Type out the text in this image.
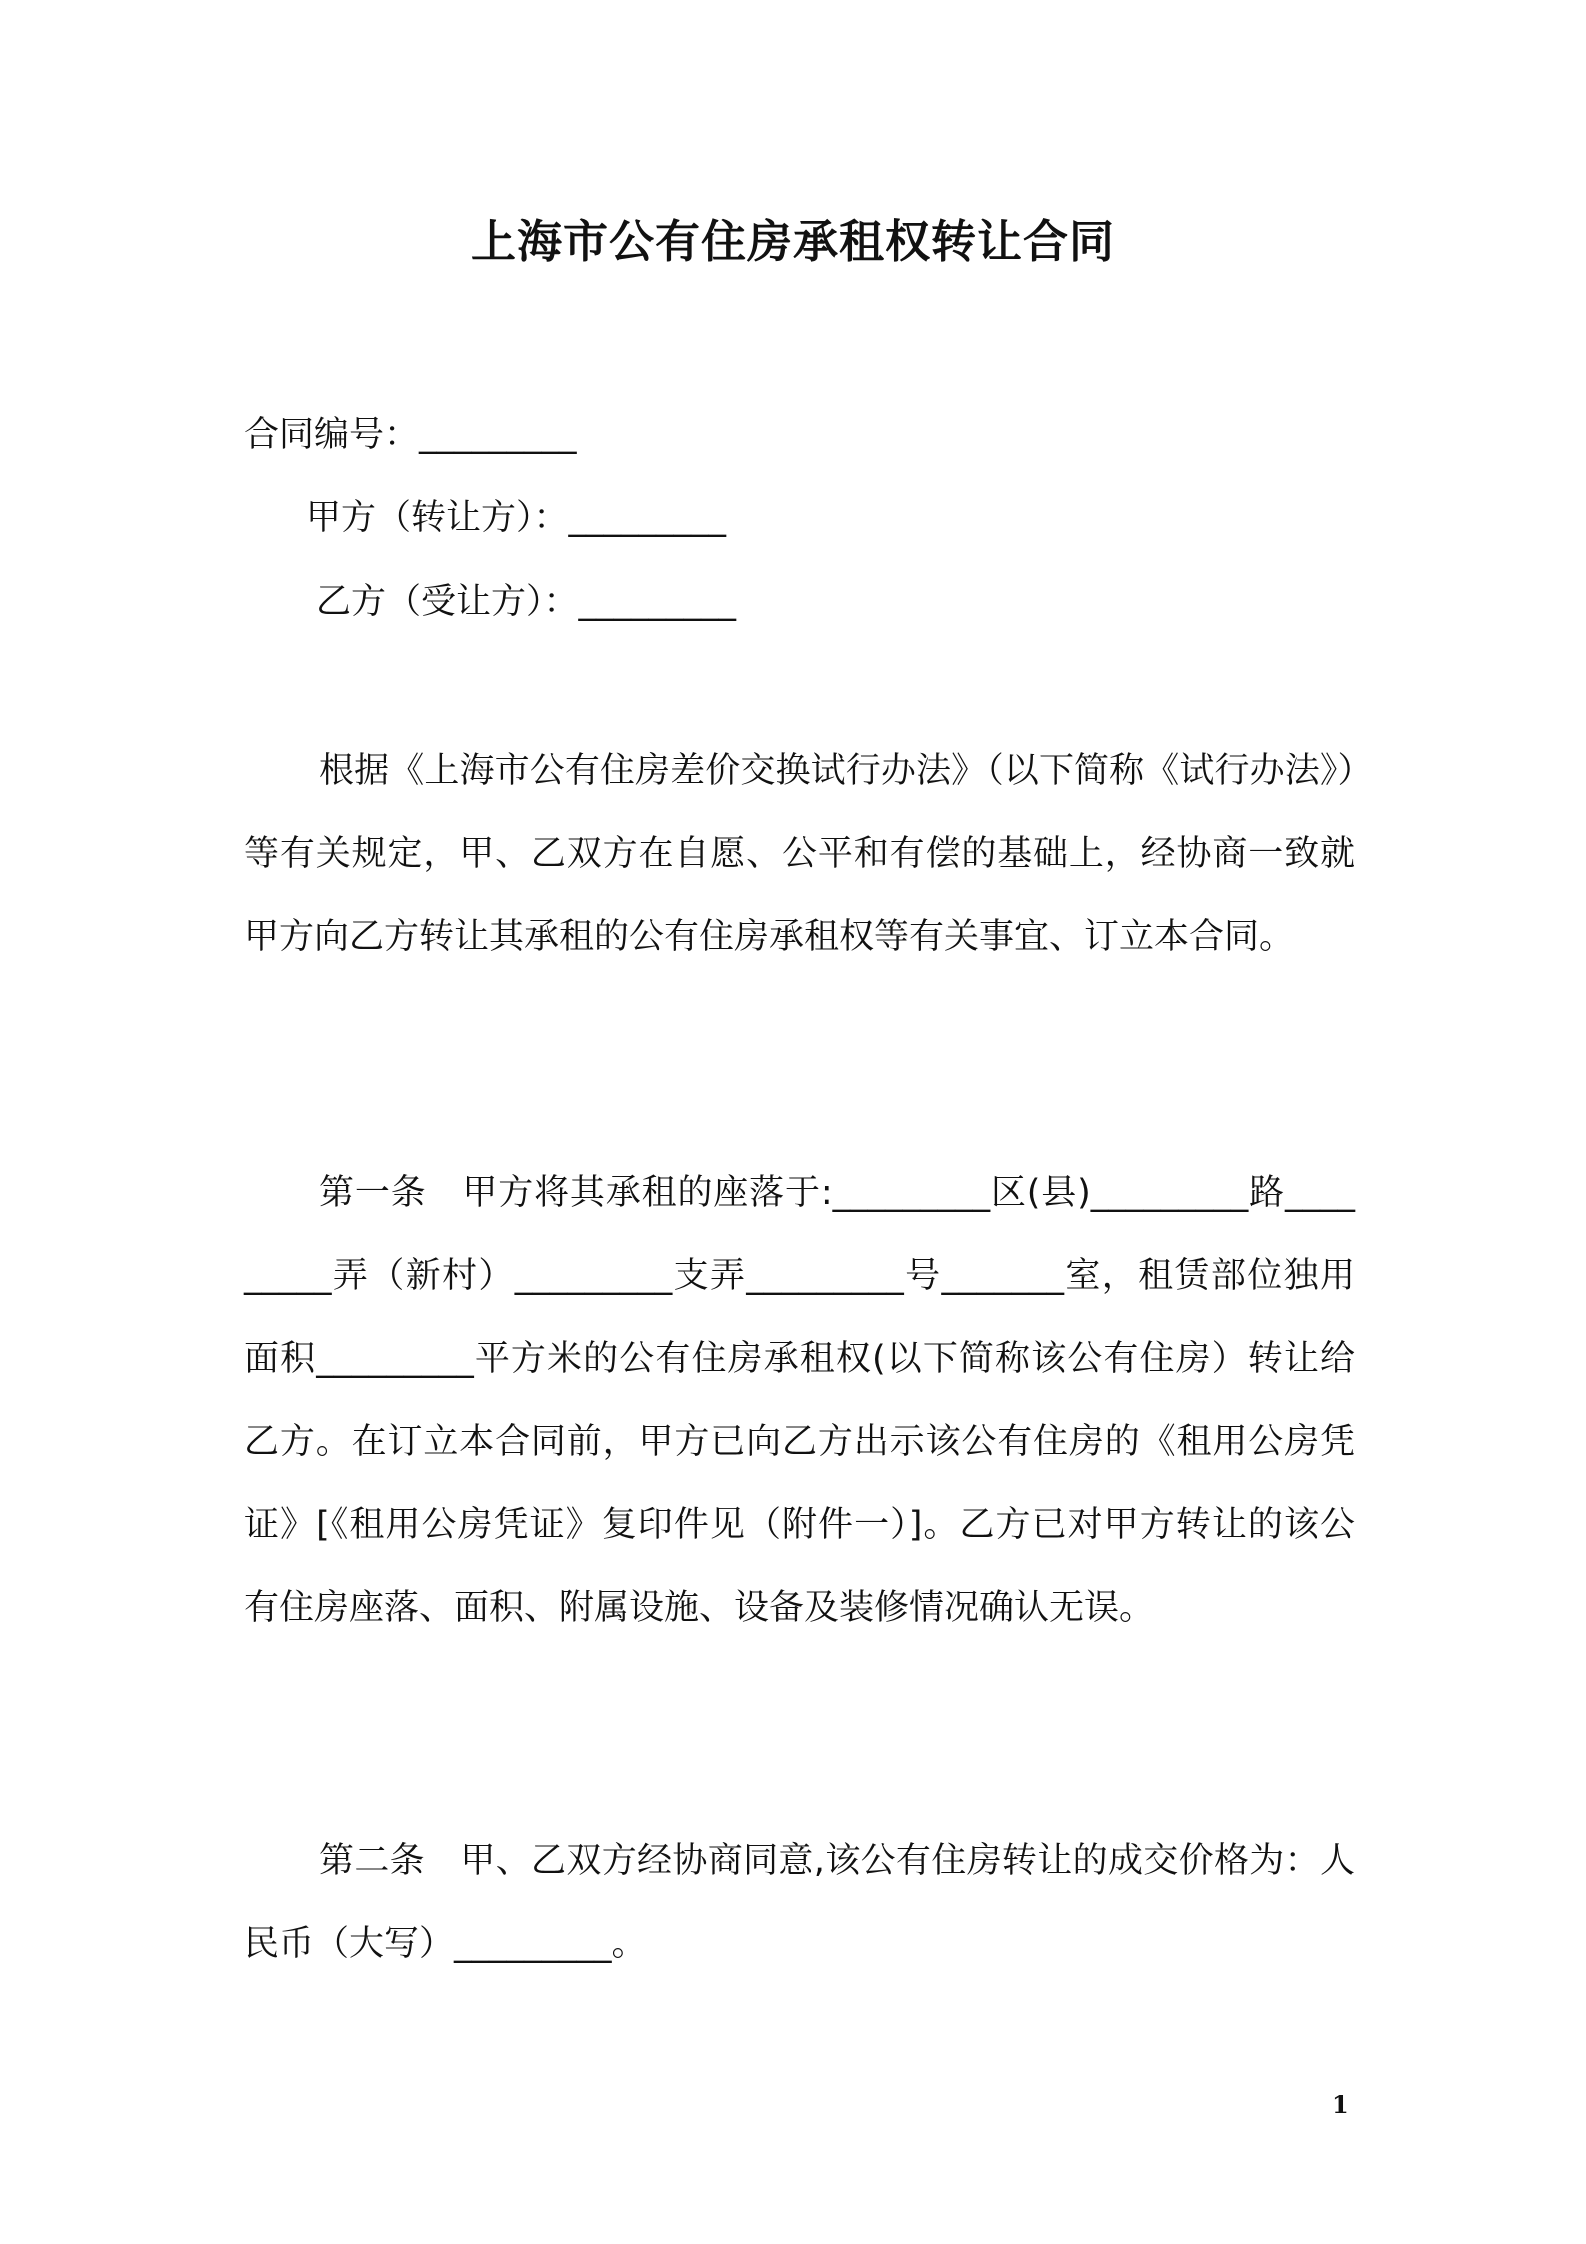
上海市公有住房承租权转让合同
合同编号：_________
甲方（转让方）：_________
乙方（受让方）：_________

根据《上海市公有住房差价交换试行办法》（以下简称《试行办法》）等有关规定，甲、乙双方在自愿、公平和有偿的基础上，经协商一致就甲方向乙方转让其承租的公有住房承租权等有关事宜、订立本合同。

第一条　甲方将其承租的座落于:_________区(县)_________路_________弄（新村）_________支弄_________号_______室，租赁部位独用面积_________平方米的公有住房承租权(以下简称该公有住房）转让给乙方。在订立本合同前，甲方已向乙方出示该公有住房的《租用公房凭证》[《租用公房凭证》复印件见（附件一）]。乙方已对甲方转让的该公有住房座落、面积、附属设施、设备及装修情况确认无误。

第二条　甲、乙双方经协商同意,该公有住房转让的成交价格为：人民币（大写）_________。

1
